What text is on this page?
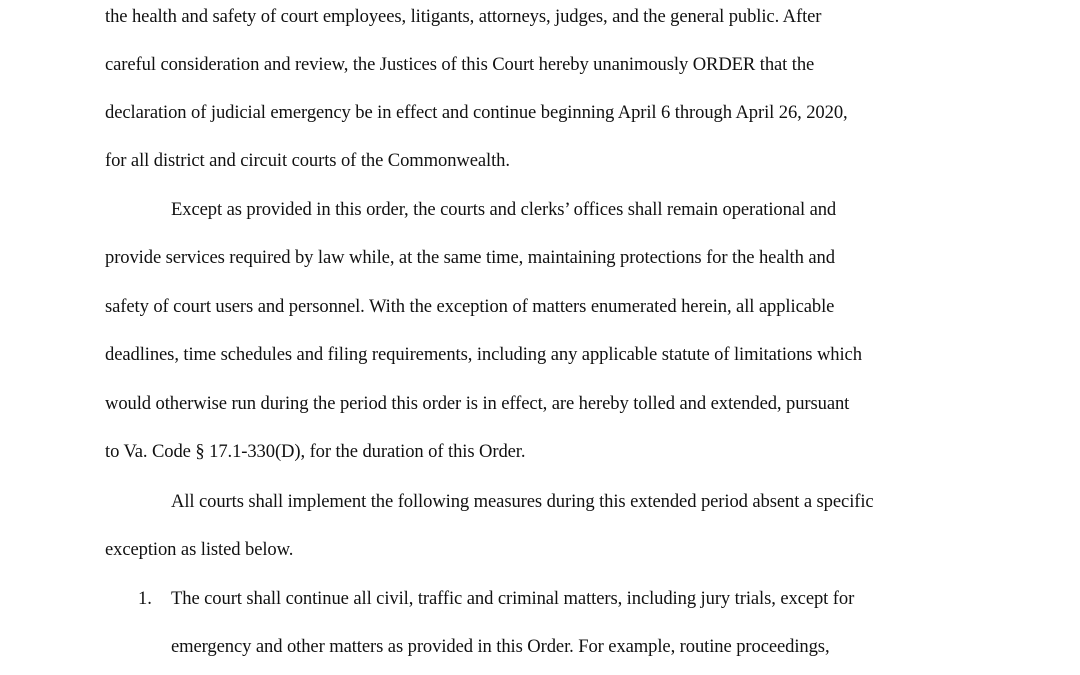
the health and safety of court employees, litigants, attorneys, judges, and the general public. After
careful consideration and review, the Justices of this Court hereby unanimously ORDER that the
declaration of judicial emergency be in effect and continue beginning April 6 through April 26, 2020,
for all district and circuit courts of the Commonwealth.
Except as provided in this order, the courts and clerks’ offices shall remain operational and
provide services required by law while, at the same time, maintaining protections for the health and
safety of court users and personnel. With the exception of matters enumerated herein, all applicable
deadlines, time schedules and filing requirements, including any applicable statute of limitations which
would otherwise run during the period this order is in effect, are hereby tolled and extended, pursuant
to Va. Code § 17.1-330(D), for the duration of this Order.
All courts shall implement the following measures during this extended period absent a specific
exception as listed below.
1. The court shall continue all civil, traffic and criminal matters, including jury trials, except for
emergency and other matters as provided in this Order. For example, routine proceedings,
